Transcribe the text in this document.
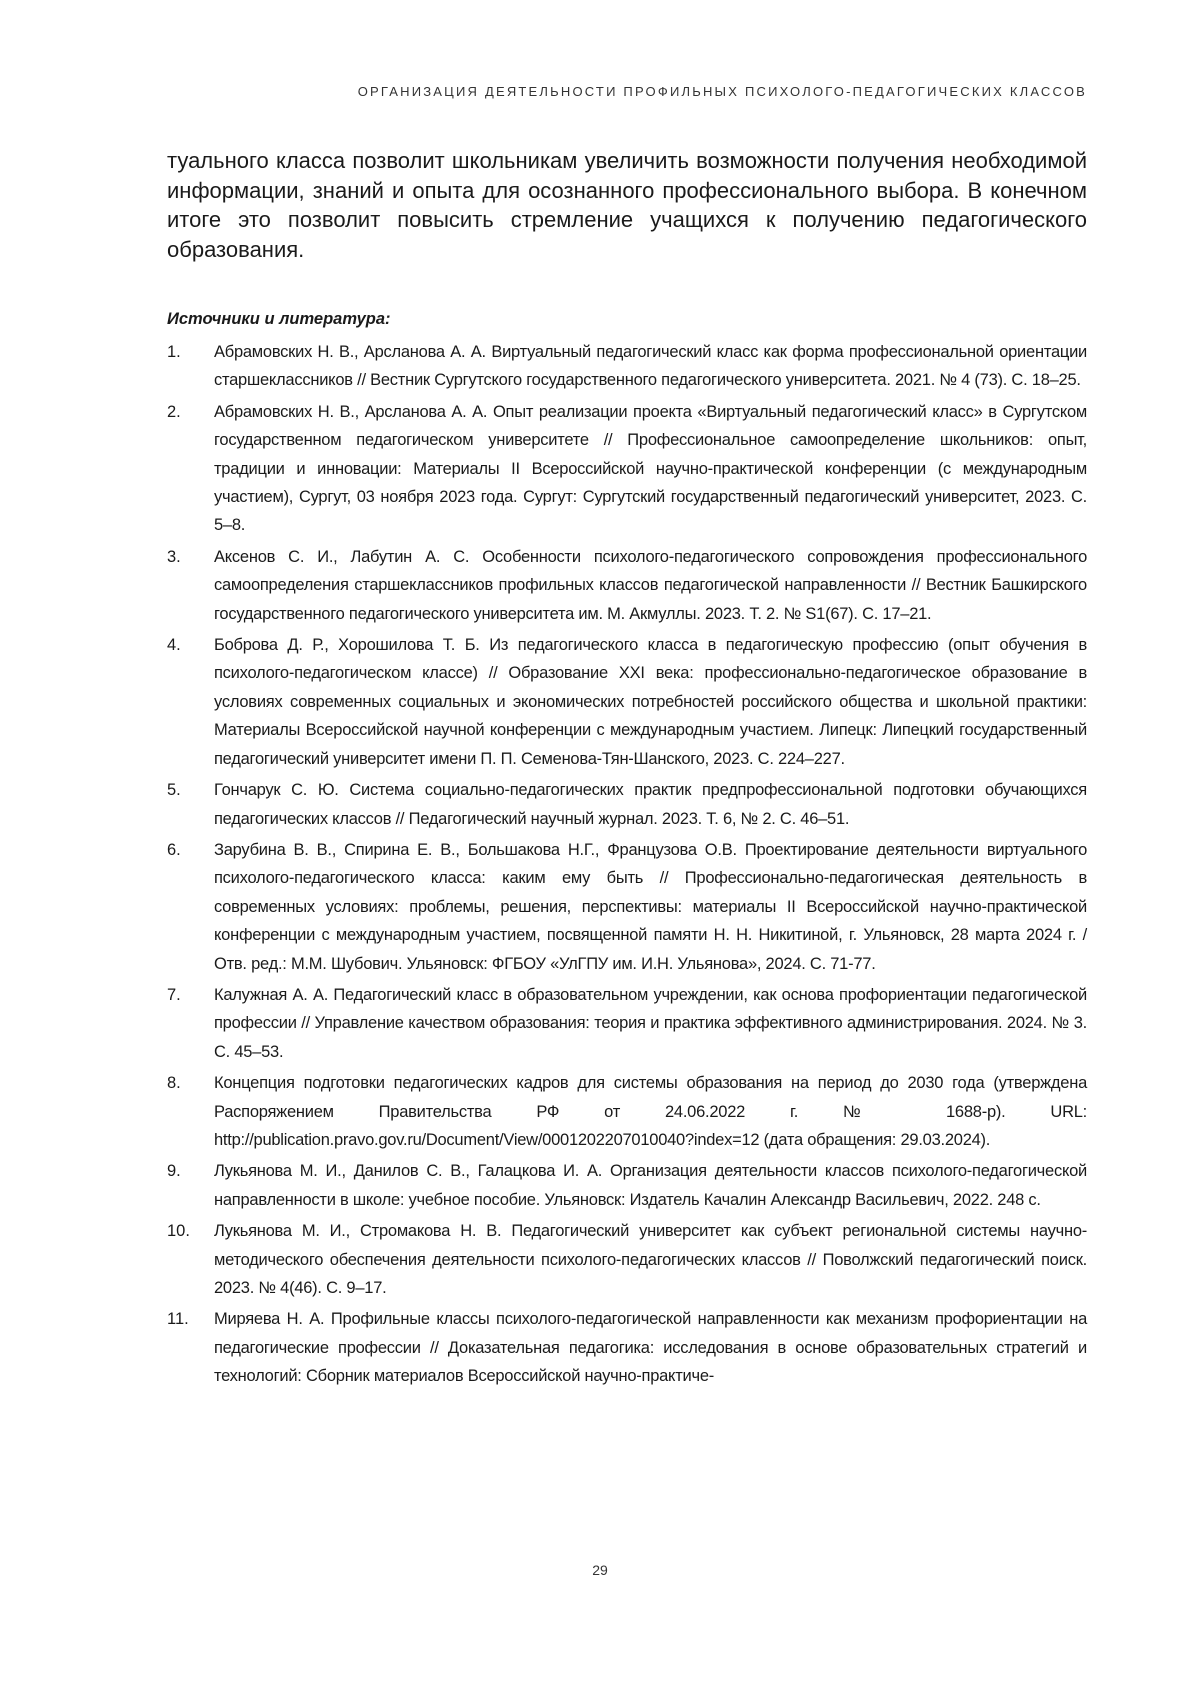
ОРГАНИЗАЦИЯ ДЕЯТЕЛЬНОСТИ ПРОФИЛЬНЫХ ПСИХОЛОГО-ПЕДАГОГИЧЕСКИХ КЛАССОВ

туального класса позволит школьникам увеличить возможности получения необходимой информации, знаний и опыта для осознанного профессионального выбора. В конечном итоге это позволит повысить стремление учащихся к получению педагогического образования.

Источники и литература:
1.	Абрамовских Н. В., Арсланова А. А. Виртуальный педагогический класс как форма профессиональной ориентации старшеклассников // Вестник Сургутского государственного педагогического университета. 2021. № 4 (73). С. 18–25.
2.	Абрамовских Н. В., Арсланова А. А. Опыт реализации проекта «Виртуальный педагогический класс» в Сургутском государственном педагогическом университете // Профессиональное самоопределение школьников: опыт, традиции и инновации: Материалы II Всероссийской научно-практической конференции (с международным участием), Сургут, 03 ноября 2023 года. Сургут: Сургутский государственный педагогический университет, 2023. С. 5–8.
3.	Аксенов С. И., Лабутин А. С. Особенности психолого-педагогического сопровождения профессионального самоопределения старшеклассников профильных классов педагогической направленности // Вестник Башкирского государственного педагогического университета им. М. Акмуллы. 2023. Т. 2. № S1(67). С. 17–21.
4.	Боброва Д. Р., Хорошилова Т. Б. Из педагогического класса в педагогическую профессию (опыт обучения в психолого-педагогическом классе) // Образование XXI века: профессионально-педагогическое образование в условиях современных социальных и экономических потребностей российского общества и школьной практики: Материалы Всероссийской научной конференции с международным участием. Липецк: Липецкий государственный педагогический университет имени П. П. Семенова-Тян-Шанского, 2023. С. 224–227.
5.	Гончарук С. Ю. Система социально-педагогических практик предпрофессиональной подготовки обучающихся педагогических классов // Педагогический научный журнал. 2023. Т. 6, № 2. С. 46–51.
6.	Зарубина В. В., Спирина Е. В., Большакова Н.Г., Французова О.В. Проектирование деятельности виртуального психолого-педагогического класса: каким ему быть // Профессионально-педагогическая деятельность в современных условиях: проблемы, решения, перспективы: материалы II Всероссийской научно-практической конференции с международным участием, посвященной памяти Н. Н. Никитиной, г. Ульяновск, 28 марта 2024 г. / Отв. ред.: М.М. Шубович. Ульяновск: ФГБОУ «УлГПУ им. И.Н. Ульянова», 2024. С. 71-77.
7.	Калужная А. А. Педагогический класс в образовательном учреждении, как основа профориентации педагогической профессии // Управление качеством образования: теория и практика эффективного администрирования. 2024. № 3. С. 45–53.
8.	Концепция подготовки педагогических кадров для системы образования на период до 2030 года (утверждена Распоряжением Правительства РФ от 24.06.2022 г. № 1688-р). URL: http://publication.pravo.gov.ru/Document/View/0001202207010040?index=12 (дата обращения: 29.03.2024).
9.	Лукьянова М. И., Данилов С. В., Галацкова И. А. Организация деятельности классов психолого-педагогической направленности в школе: учебное пособие. Ульяновск: Издатель Качалин Александр Васильевич, 2022. 248 с.
10.	Лукьянова М. И., Стромакова Н. В. Педагогический университет как субъект региональной системы научно-методического обеспечения деятельности психолого-педагогических классов // Поволжский педагогический поиск. 2023. № 4(46). С. 9–17.
11.	Миряева Н. А. Профильные классы психолого-педагогической направленности как механизм профориентации на педагогические профессии // Доказательная педагогика: исследования в основе образовательных стратегий и технологий: Сборник материалов Всероссийской научно-практиче-
29
